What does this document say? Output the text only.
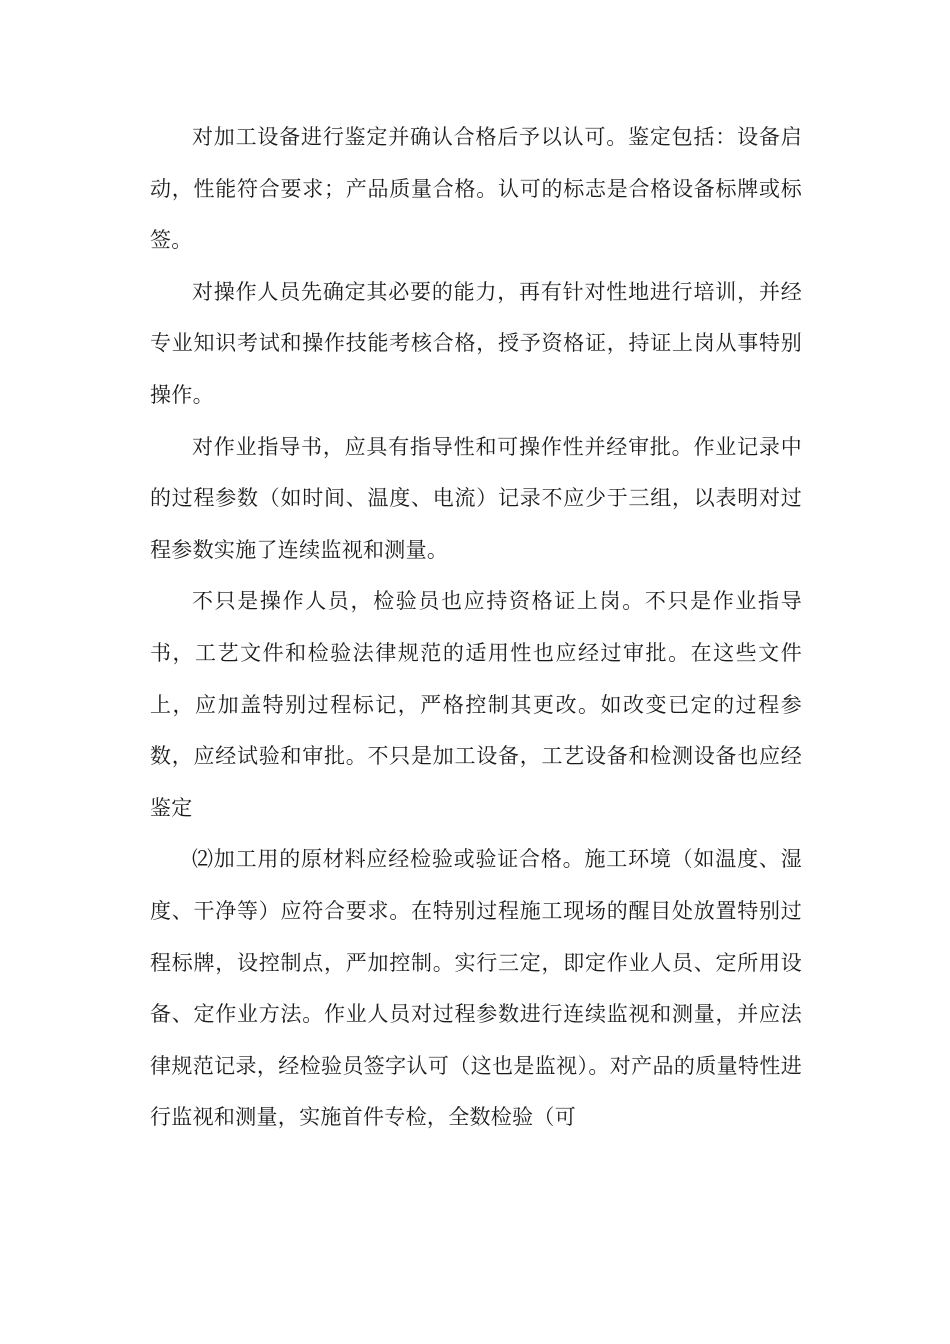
对加工设备进行鉴定并确认合格后予以认可。鉴定包括：设备启动，性能符合要求；产品质量合格。认可的标志是合格设备标牌或标签。

对操作人员先确定其必要的能力，再有针对性地进行培训，并经专业知识考试和操作技能考核合格，授予资格证，持证上岗从事特别操作。

对作业指导书，应具有指导性和可操作性并经审批。作业记录中的过程参数（如时间、温度、电流）记录不应少于三组，以表明对过程参数实施了连续监视和测量。

不只是操作人员，检验员也应持资格证上岗。不只是作业指导书，工艺文件和检验法律规范的适用性也应经过审批。在这些文件上，应加盖特别过程标记，严格控制其更改。如改变已定的过程参数，应经试验和审批。不只是加工设备，工艺设备和检测设备也应经鉴定

⑵加工用的原材料应经检验或验证合格。施工环境（如温度、湿度、干净等）应符合要求。在特别过程施工现场的醒目处放置特别过程标牌，设控制点，严加控制。实行三定，即定作业人员、定所用设备、定作业方法。作业人员对过程参数进行连续监视和测量，并应法律规范记录，经检验员签字认可（这也是监视）。对产品的质量特性进行监视和测量，实施首件专检，全数检验（可
